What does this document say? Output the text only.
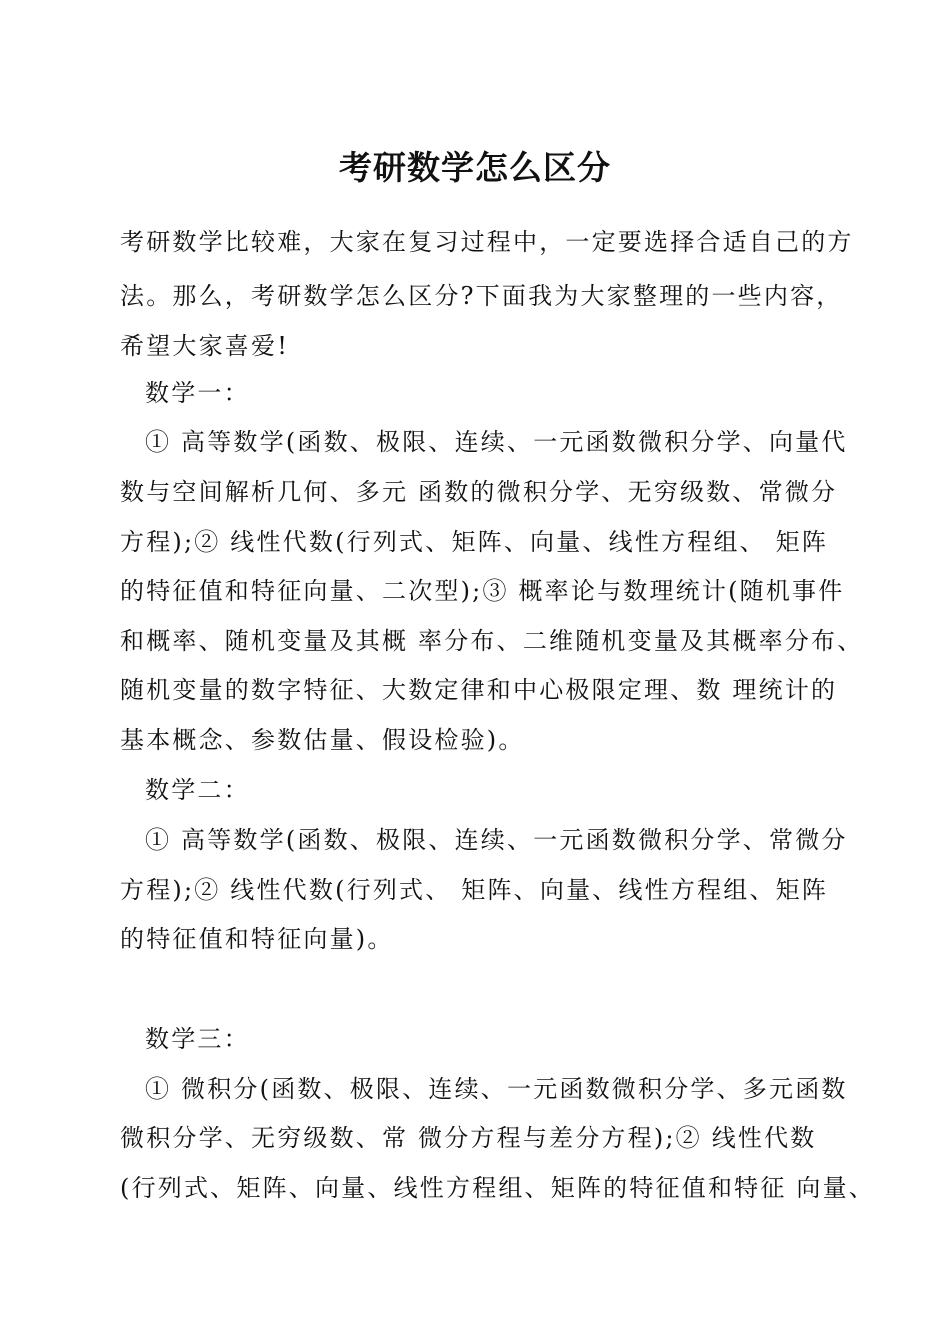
考研数学怎么区分
考研数学比较难，大家在复习过程中，一定要选择合适自己的方
法。那么，考研数学怎么区分?下面我为大家整理的一些内容，
希望大家喜爱!
数学一：
① 高等数学(函数、极限、连续、一元函数微积分学、向量代
数与空间解析几何、多元 函数的微积分学、无穷级数、常微分
方程);② 线性代数(行列式、矩阵、向量、线性方程组、 矩阵
的特征值和特征向量、二次型);③ 概率论与数理统计(随机事件
和概率、随机变量及其概 率分布、二维随机变量及其概率分布、
随机变量的数字特征、大数定律和中心极限定理、数 理统计的
基本概念、参数估量、假设检验)。
数学二：
① 高等数学(函数、极限、连续、一元函数微积分学、常微分
方程);② 线性代数(行列式、 矩阵、向量、线性方程组、矩阵
的特征值和特征向量)。
数学三：
① 微积分(函数、极限、连续、一元函数微积分学、多元函数
微积分学、无穷级数、常 微分方程与差分方程);② 线性代数
(行列式、矩阵、向量、线性方程组、矩阵的特征值和特征 向量、
